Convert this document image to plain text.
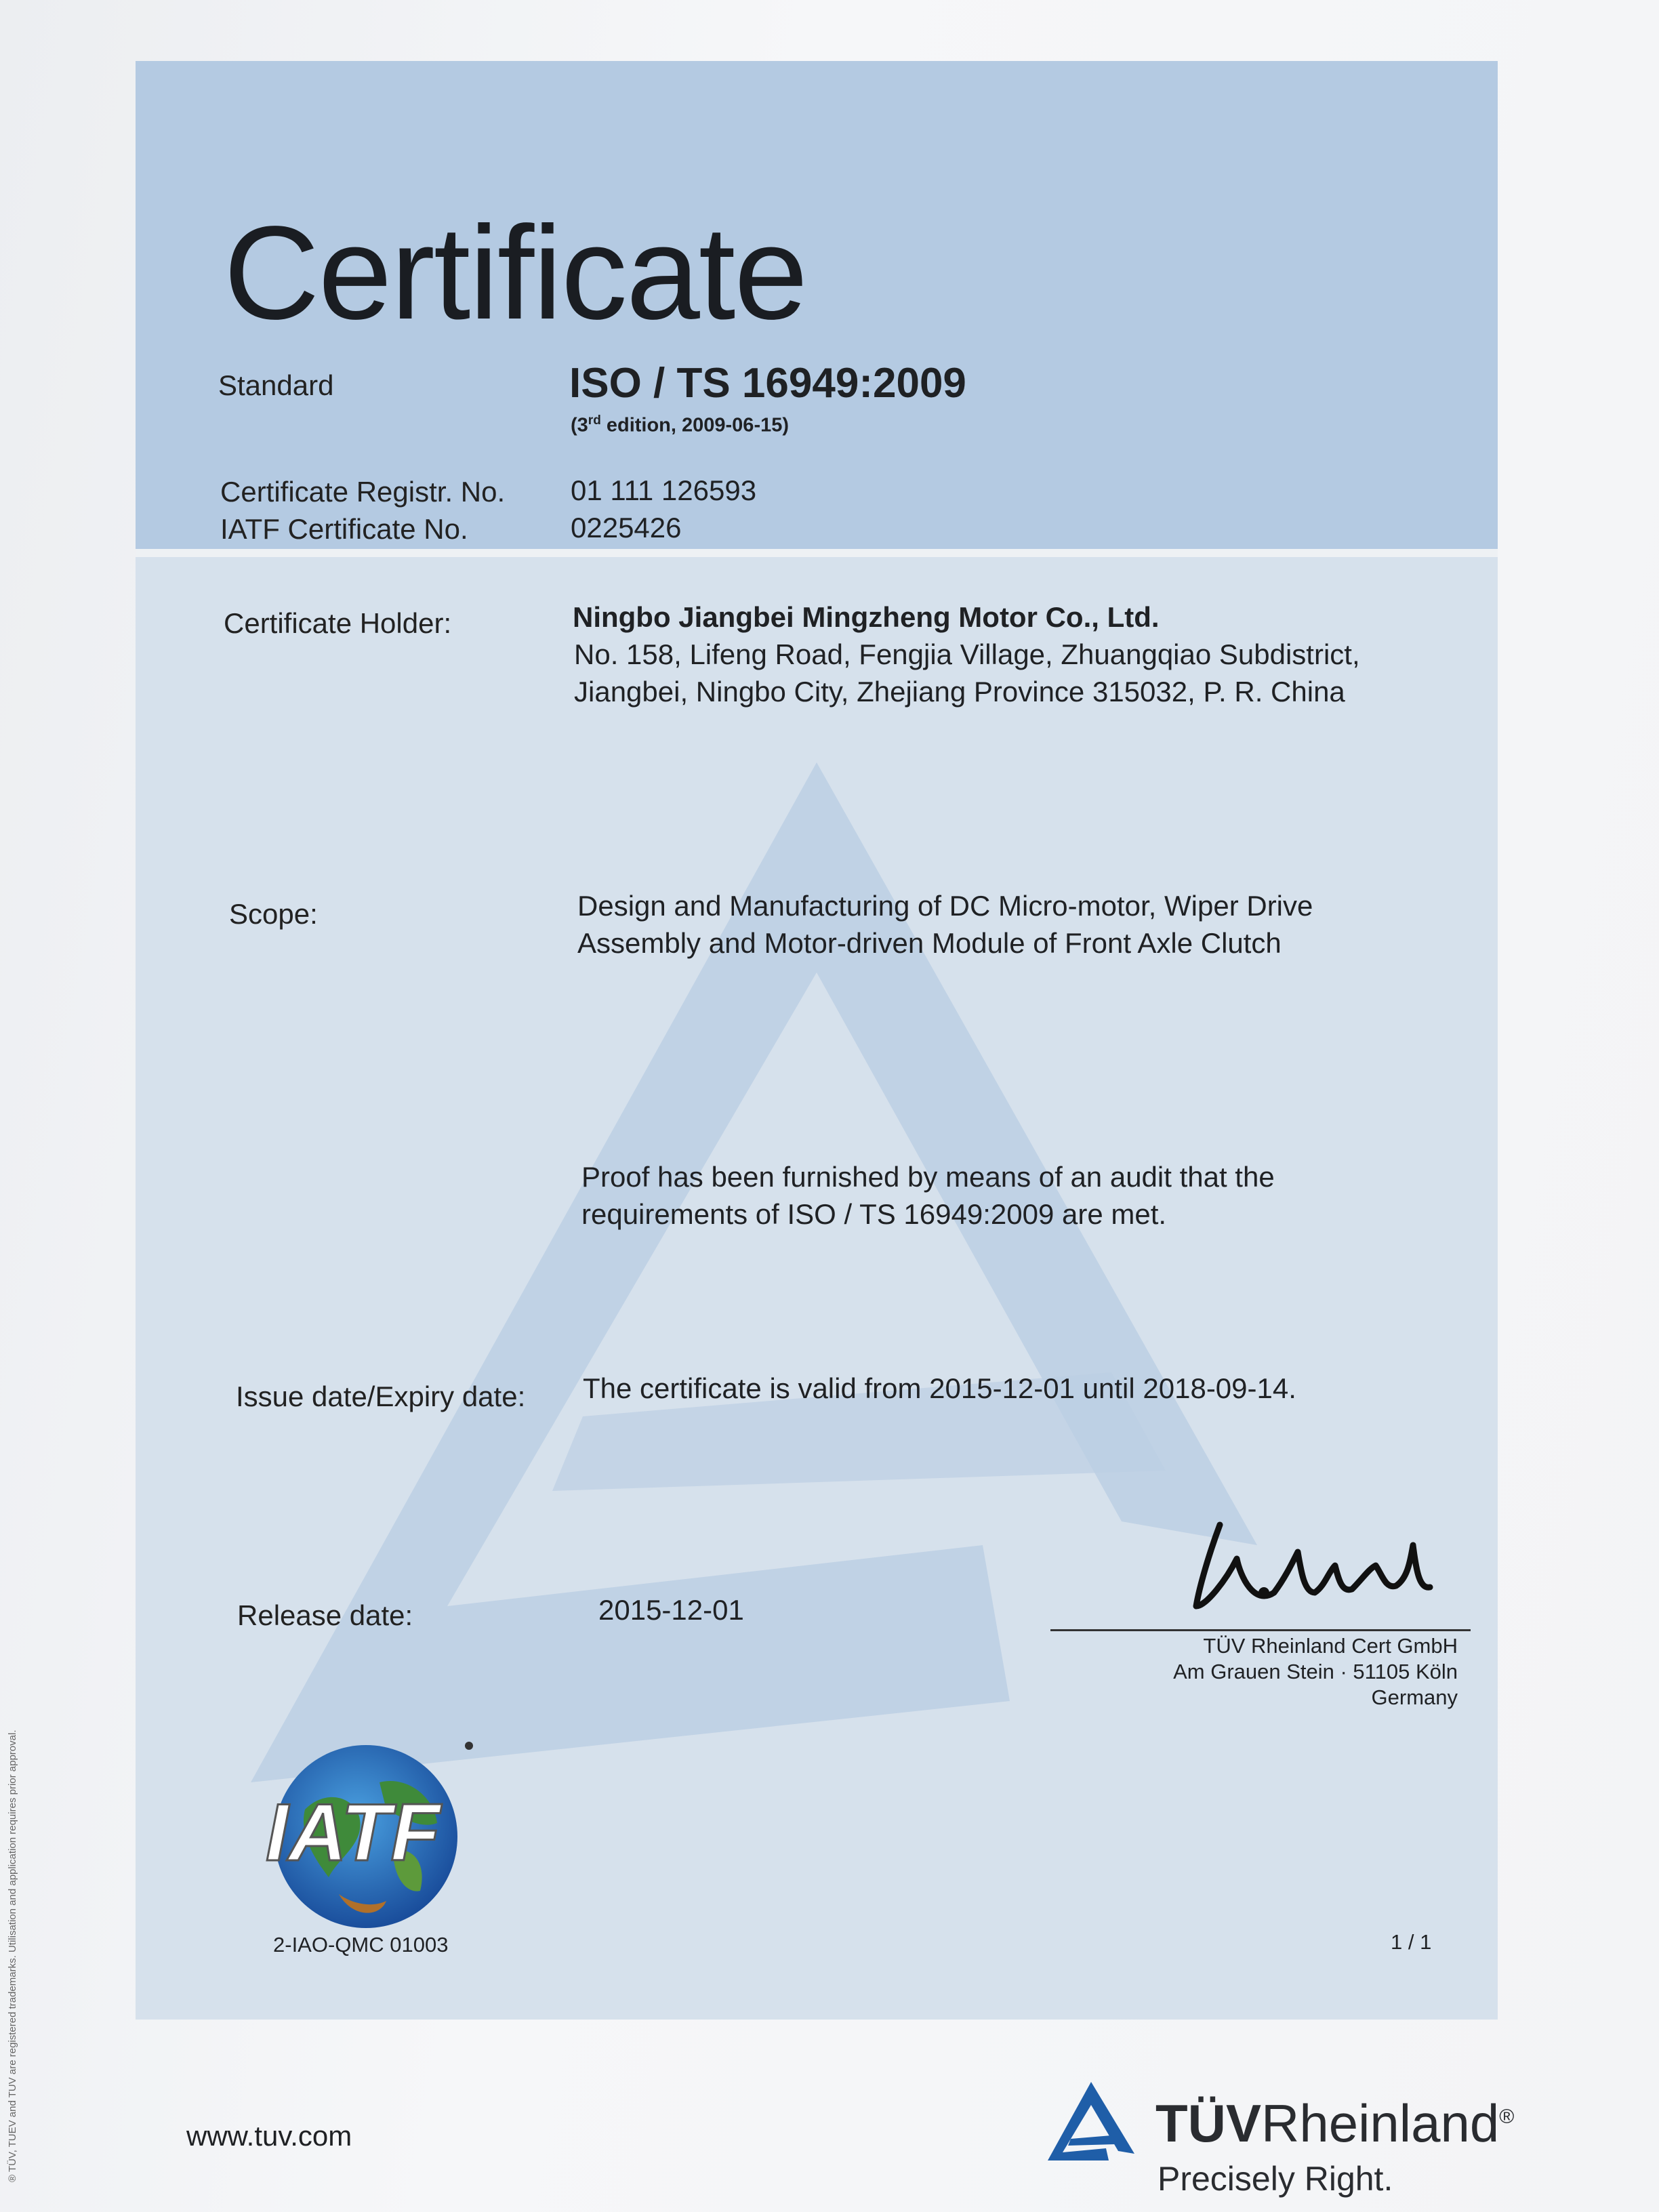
Certificate
Standard	ISO / TS 16949:2009
(3rd edition, 2009-06-15)
Certificate Registr. No. 01 111 126593
IATF Certificate No.	0225426
Certificate Holder:	Ningbo Jiangbei Mingzheng Motor Co., Ltd.
No. 158, Lifeng Road, Fengjia Village, Zhuangqiao Subdistrict,
Jiangbei, Ningbo City, Zhejiang Province 315032, P. R. China
Scope:	Design and Manufacturing of DC Micro-motor, Wiper Drive
Assembly and Motor-driven Module of Front Axle Clutch
Proof has been furnished by means of an audit that the
requirements of ISO / TS 16949:2009 are met.
Issue date/Expiry date: The certificate is valid from 2015-12-01 until 2018-09-14.
Release date:	2015-12-01
TÜV Rheinland Cert GmbH
Am Grauen Stein · 51105 Köln
Germany
IATF
2-IAO-QMC 01003	1 / 1
www.tuv.com	TÜVRheinland®
Precisely Right.
® TÜV, TUEV and TUV are registered trademarks. Utilisation and application requires prior approval.
